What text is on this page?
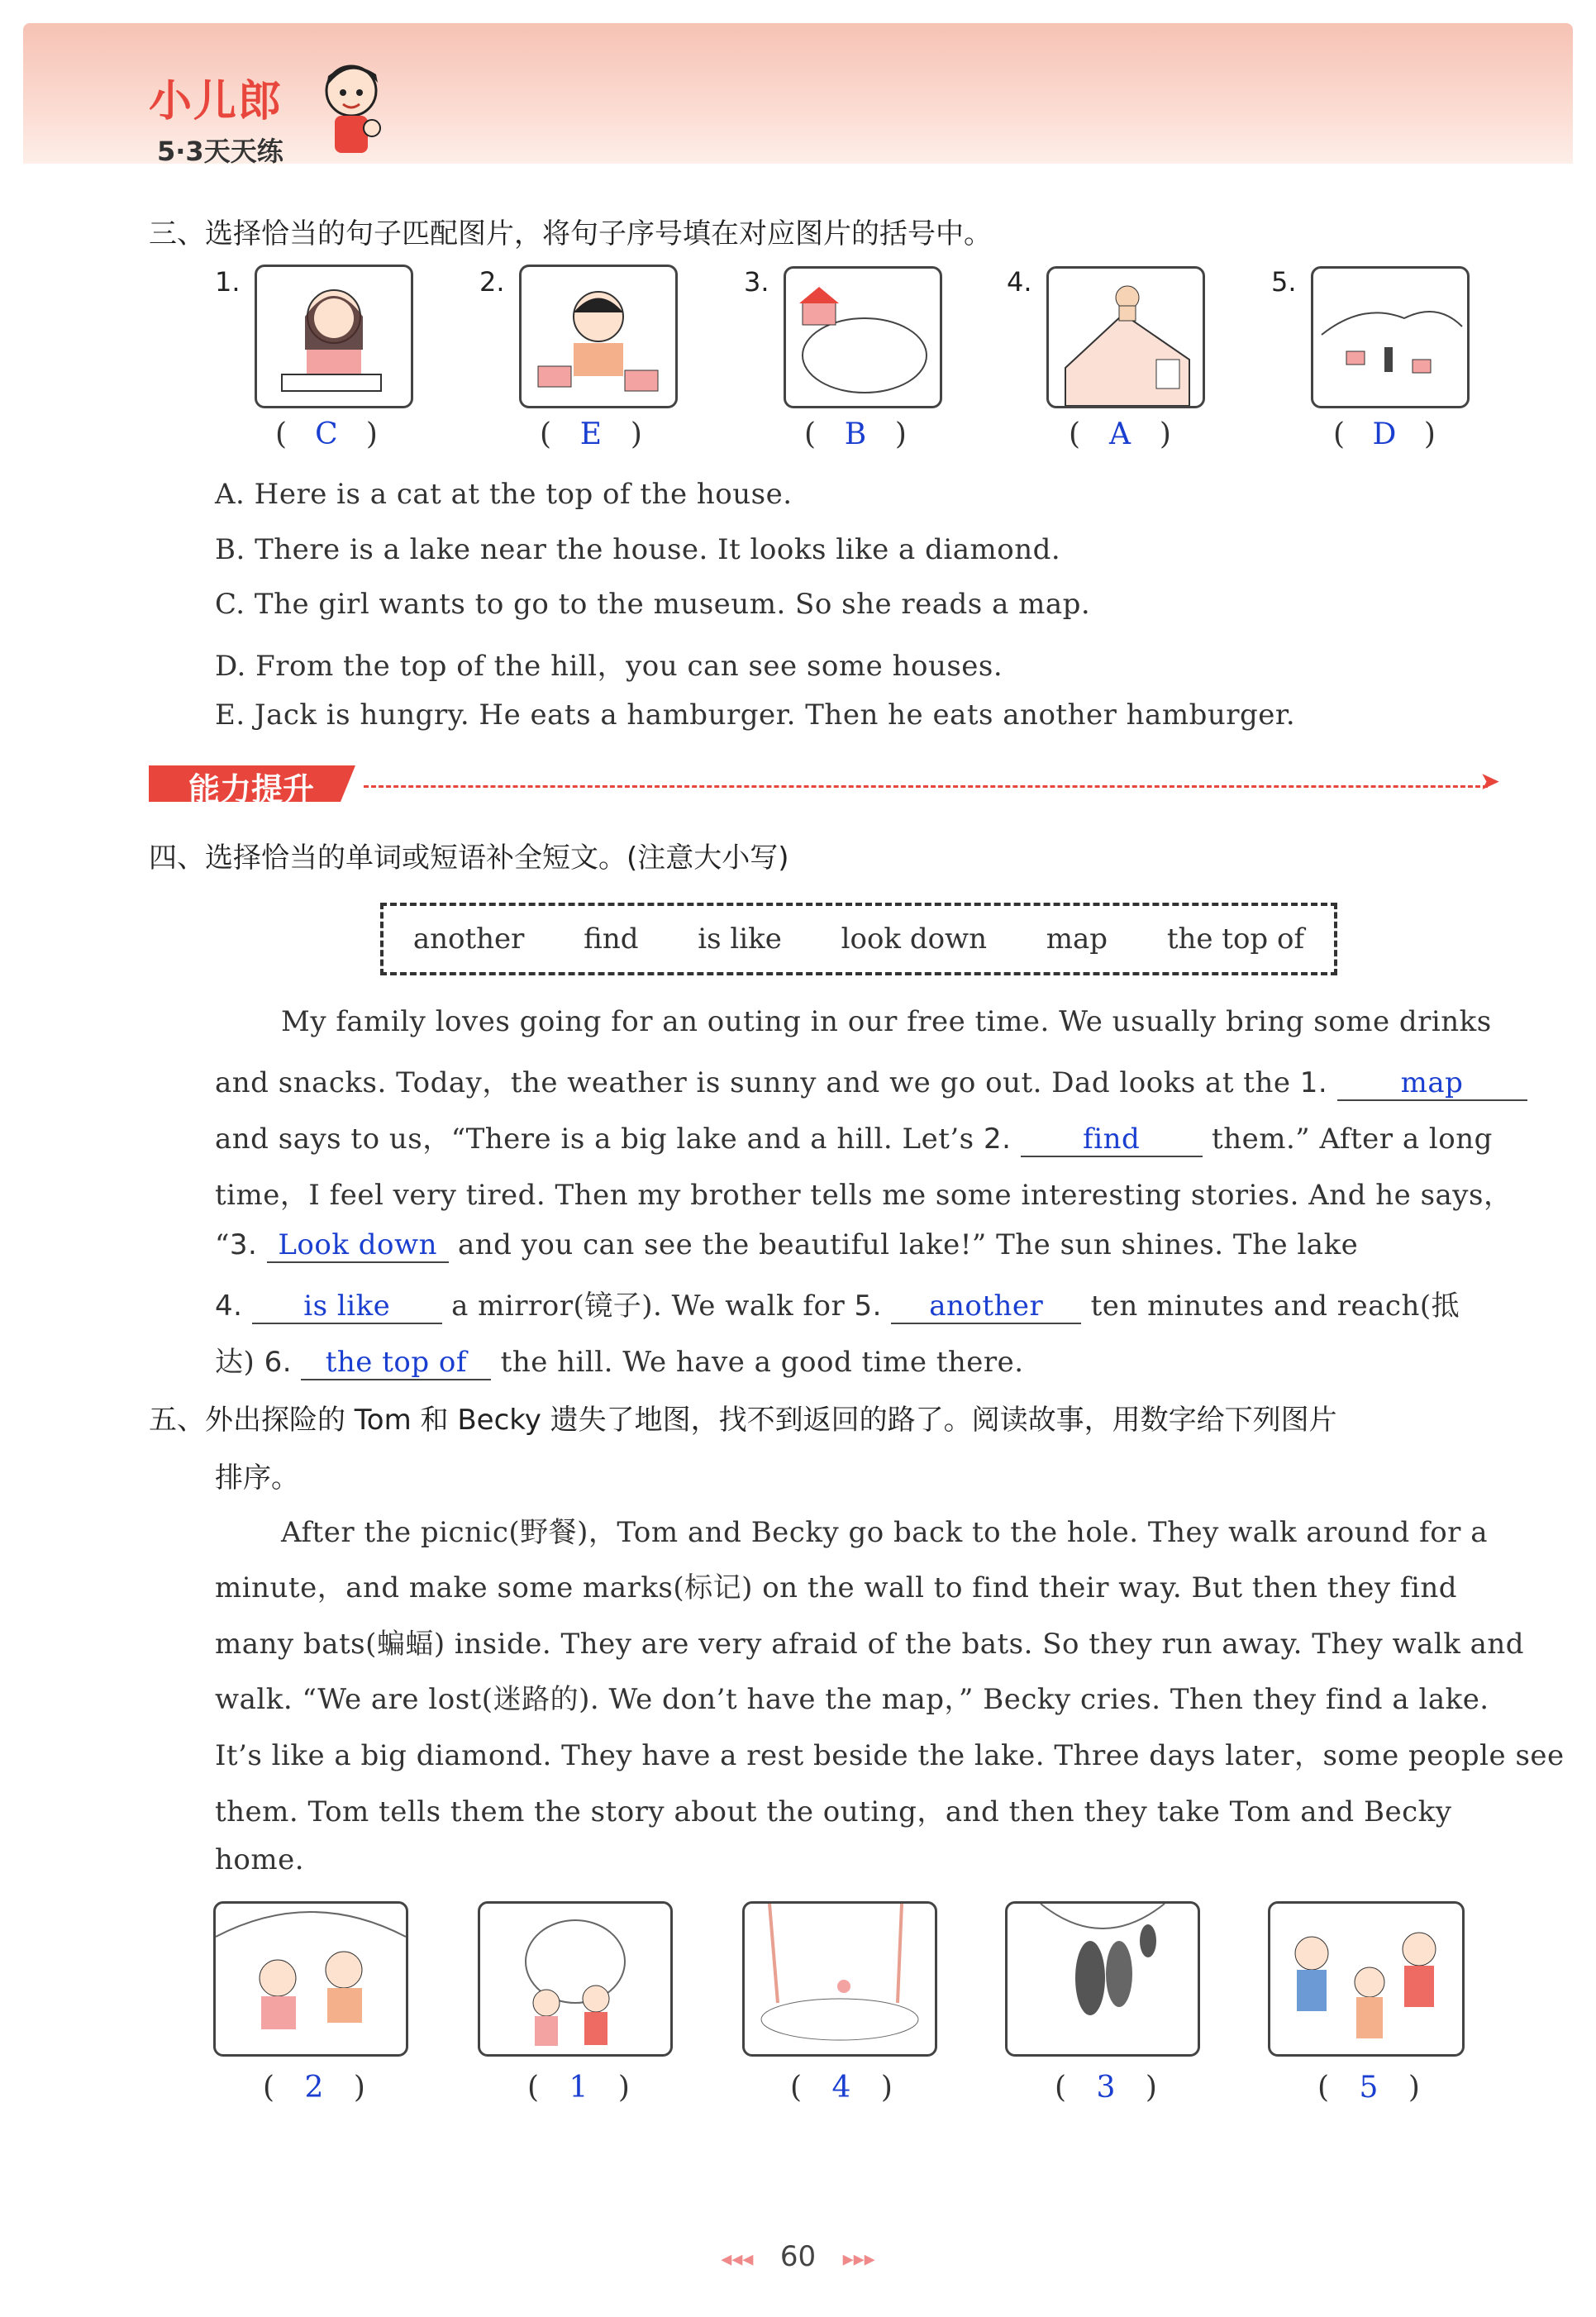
小儿郎
5·3天天练
三、选择恰当的句子匹配图片，将句子序号填在对应图片的括号中。
1.	2.	3.	4.	5.
(  C  )	(  E  )	(  B  )	(  A  )	(  D  )
A. Here is a cat at the top of the house.
B. There is a lake near the house. It looks like a diamond.
C. The girl wants to go to the museum. So she reads a map.
D. From the top of the hill，you can see some houses.
E. Jack is hungry. He eats a hamburger. Then he eats another hamburger.
能力提升	➤
四、选择恰当的单词或短语补全短文。(注意大小写)
another find is like look down map the top of
My family loves going for an outing in our free time. We usually bring some drinks
and snacks. Today，the weather is sunny and we go out. Dad looks at the 1.	map
and says to us，“There is a big lake and a hill. Let’s 2.	find them.” After a long
time，I feel very tired. Then my brother tells me some interesting stories. And he says，
“3. Look down and you can see the beautiful lake!” The sun shines. The lake
4. is like a mirror(镜子). We walk for 5. another ten minutes and reach(抵
达) 6. the top of the hill. We have a good time there.
五、外出探险的 Tom 和 Becky 遗失了地图，找不到返回的路了。阅读故事，用数字给下列图片
排序。
After the picnic(野餐)，Tom and Becky go back to the hole. They walk around for a
minute，and make some marks(标记) on the wall to find their way. But then they find
many bats(蝙蝠) inside. They are very afraid of the bats. So they run away. They walk and
walk. “We are lost(迷路的). We don’t have the map，” Becky cries. Then they find a lake.
It’s like a big diamond. They have a rest beside the lake. Three days later，some people see
them. Tom tells them the story about the outing，and then they take Tom and Becky
home.
(  2  )	(  1  )	(  4  )	(  3  )	(  5  )
◂◂◂ 60 ▸▸▸
